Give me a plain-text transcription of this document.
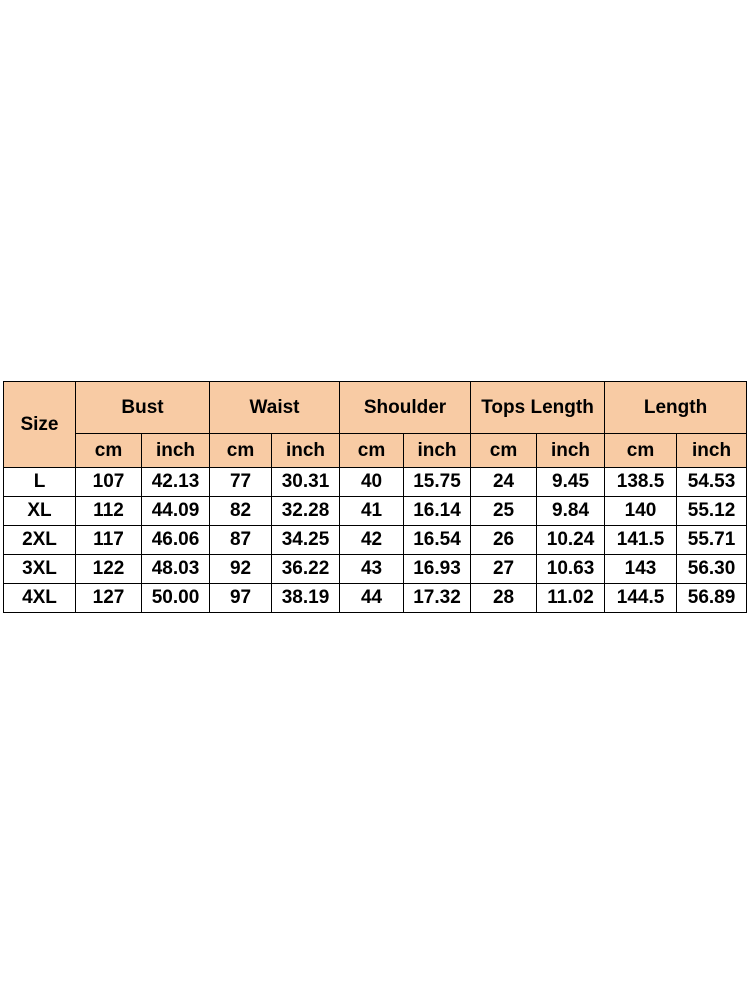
Size	Bust		Waist		Shoulder		Tops Length		Length	
	cm	inch	cm	inch	cm	inch	cm	inch	cm	inch
L	107	42.13	77	30.31	40	15.75	24	9.45	138.5	54.53
XL	112	44.09	82	32.28	41	16.14	25	9.84	140	55.12
2XL	117	46.06	87	34.25	42	16.54	26	10.24	141.5	55.71
3XL	122	48.03	92	36.22	43	16.93	27	10.63	143	56.30
4XL	127	50.00	97	38.19	44	17.32	28	11.02	144.5	56.89
